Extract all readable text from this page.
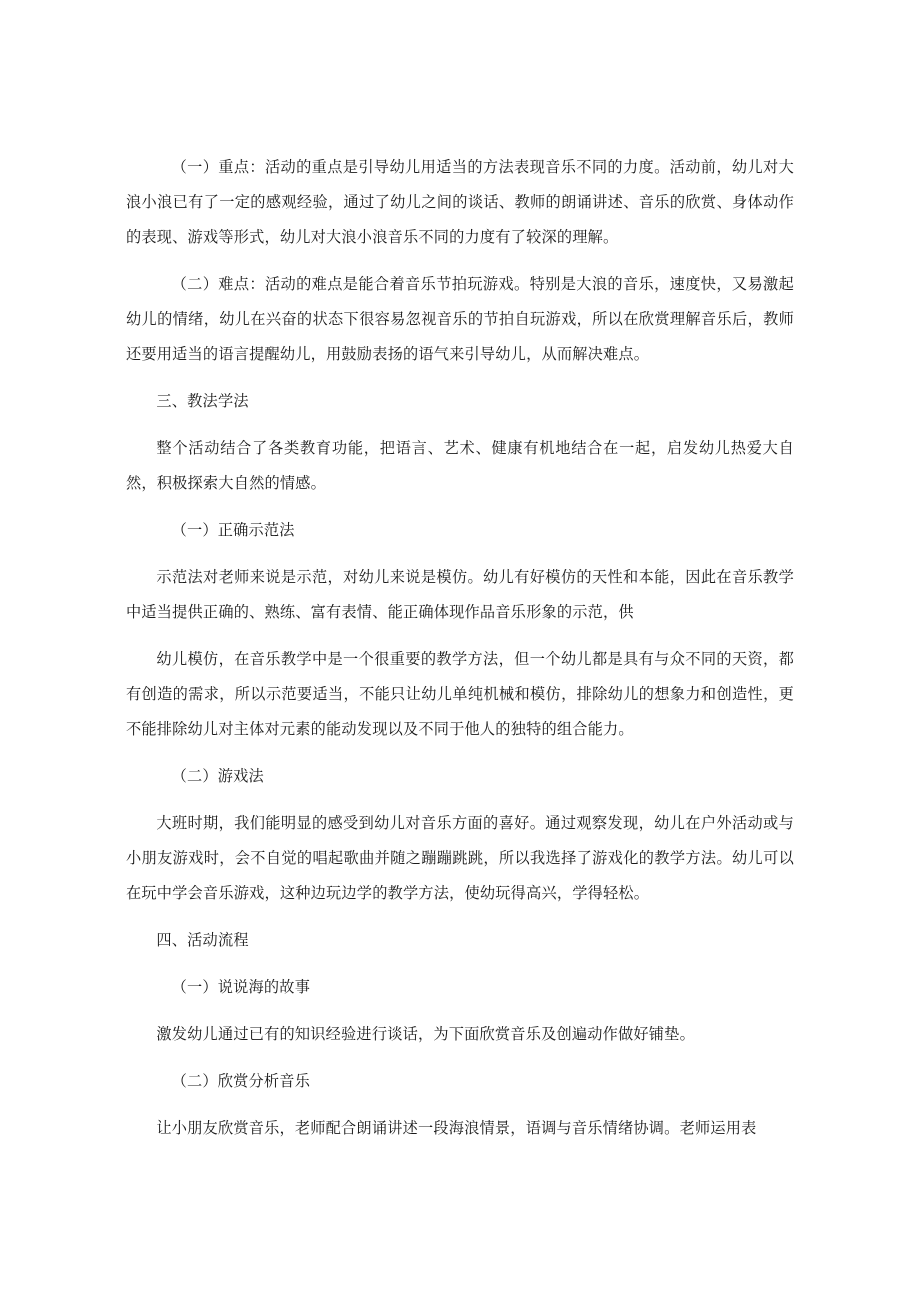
（一）重点：活动的重点是引导幼儿用适当的方法表现音乐不同的力度。活动前，幼儿对大浪小浪已有了一定的感观经验，通过了幼儿之间的谈话、教师的朗诵讲述、音乐的欣赏、身体动作的表现、游戏等形式，幼儿对大浪小浪音乐不同的力度有了较深的理解。

（二）难点：活动的难点是能合着音乐节拍玩游戏。特别是大浪的音乐，速度快，又易激起幼儿的情绪，幼儿在兴奋的状态下很容易忽视音乐的节拍自玩游戏，所以在欣赏理解音乐后，教师还要用适当的语言提醒幼儿，用鼓励表扬的语气来引导幼儿，从而解决难点。

三、教法学法

整个活动结合了各类教育功能，把语言、艺术、健康有机地结合在一起，启发幼儿热爱大自然，积极探索大自然的情感。

（一）正确示范法

示范法对老师来说是示范，对幼儿来说是模仿。幼儿有好模仿的天性和本能，因此在音乐教学中适当提供正确的、熟练、富有表情、能正确体现作品音乐形象的示范，供

幼儿模仿，在音乐教学中是一个很重要的教学方法，但一个幼儿都是具有与众不同的天资，都有创造的需求，所以示范要适当，不能只让幼儿单纯机械和模仿，排除幼儿的想象力和创造性，更不能排除幼儿对主体对元素的能动发现以及不同于他人的独特的组合能力。

（二）游戏法

大班时期，我们能明显的感受到幼儿对音乐方面的喜好。通过观察发现，幼儿在户外活动或与小朋友游戏时，会不自觉的唱起歌曲并随之蹦蹦跳跳，所以我选择了游戏化的教学方法。幼儿可以在玩中学会音乐游戏，这种边玩边学的教学方法，使幼玩得高兴，学得轻松。

四、活动流程

（一）说说海的故事

激发幼儿通过已有的知识经验进行谈话，为下面欣赏音乐及创遍动作做好铺垫。

（二）欣赏分析音乐

让小朋友欣赏音乐，老师配合朗诵讲述一段海浪情景，语调与音乐情绪协调。老师运用表
